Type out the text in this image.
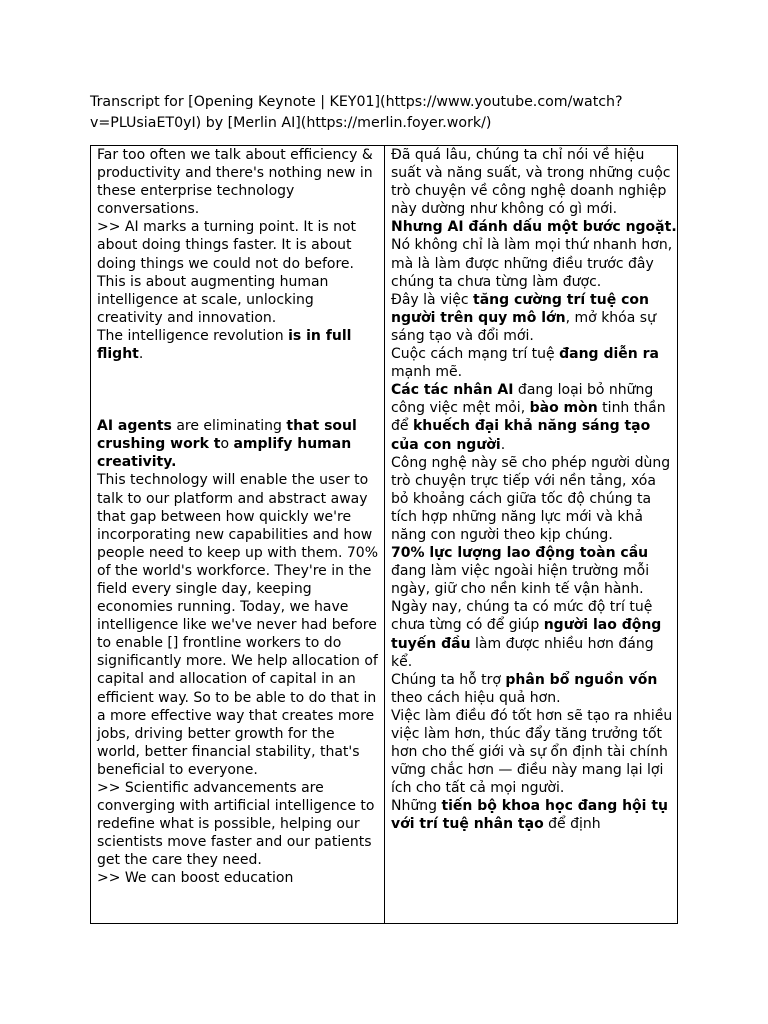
Transcript for [Opening Keynote | KEY01](https://www.youtube.com/watch?
v=PLUsiaET0yI) by [Merlin AI](https://merlin.foyer.work/)

Far too often we talk about efficiency & productivity and there's nothing new in these enterprise technology conversations.

>> AI marks a turning point. It is not about doing things faster. It is about doing things we could not do before. This is about augmenting human intelligence at scale, unlocking creativity and innovation.

The intelligence revolution is in full flight.

AI agents are eliminating that soul crushing work to amplify human creativity.

This technology will enable the user to talk to our platform and abstract away that gap between how quickly we're incorporating new capabilities and how people need to keep up with them. 70% of the world's workforce. They're in the field every single day, keeping economies running. Today, we have intelligence like we've never had before to enable [] frontline workers to do significantly more. We help allocation of capital and allocation of capital in an efficient way. So to be able to do that in a more effective way that creates more jobs, driving better growth for the world, better financial stability, that's beneficial to everyone.

>> Scientific advancements are converging with artificial intelligence to redefine what is possible, helping our scientists move faster and our patients get the care they need.

>> We can boost education

Đã quá lâu, chúng ta chỉ nói về hiệu suất và năng suất, và trong những cuộc trò chuyện về công nghệ doanh nghiệp này dường như không có gì mới.

Nhưng AI đánh dấu một bước ngoặt.

Nó không chỉ là làm mọi thứ nhanh hơn, mà là làm được những điều trước đây chúng ta chưa từng làm được.

Đây là việc tăng cường trí tuệ con người trên quy mô lớn, mở khóa sự sáng tạo và đổi mới.

Cuộc cách mạng trí tuệ đang diễn ra mạnh mẽ.

Các tác nhân AI đang loại bỏ những công việc mệt mỏi, bào mòn tinh thần để khuếch đại khả năng sáng tạo của con người.

Công nghệ này sẽ cho phép người dùng trò chuyện trực tiếp với nền tảng, xóa bỏ khoảng cách giữa tốc độ chúng ta tích hợp những năng lực mới và khả năng con người theo kịp chúng.

70% lực lượng lao động toàn cầu đang làm việc ngoài hiện trường mỗi ngày, giữ cho nền kinh tế vận hành.

Ngày nay, chúng ta có mức độ trí tuệ chưa từng có để giúp người lao động tuyến đầu làm được nhiều hơn đáng kể.

Chúng ta hỗ trợ phân bổ nguồn vốn theo cách hiệu quả hơn.

Việc làm điều đó tốt hơn sẽ tạo ra nhiều việc làm hơn, thúc đẩy tăng trưởng tốt hơn cho thế giới và sự ổn định tài chính vững chắc hơn — điều này mang lại lợi ích cho tất cả mọi người.

Những tiến bộ khoa học đang hội tụ với trí tuệ nhân tạo để định
